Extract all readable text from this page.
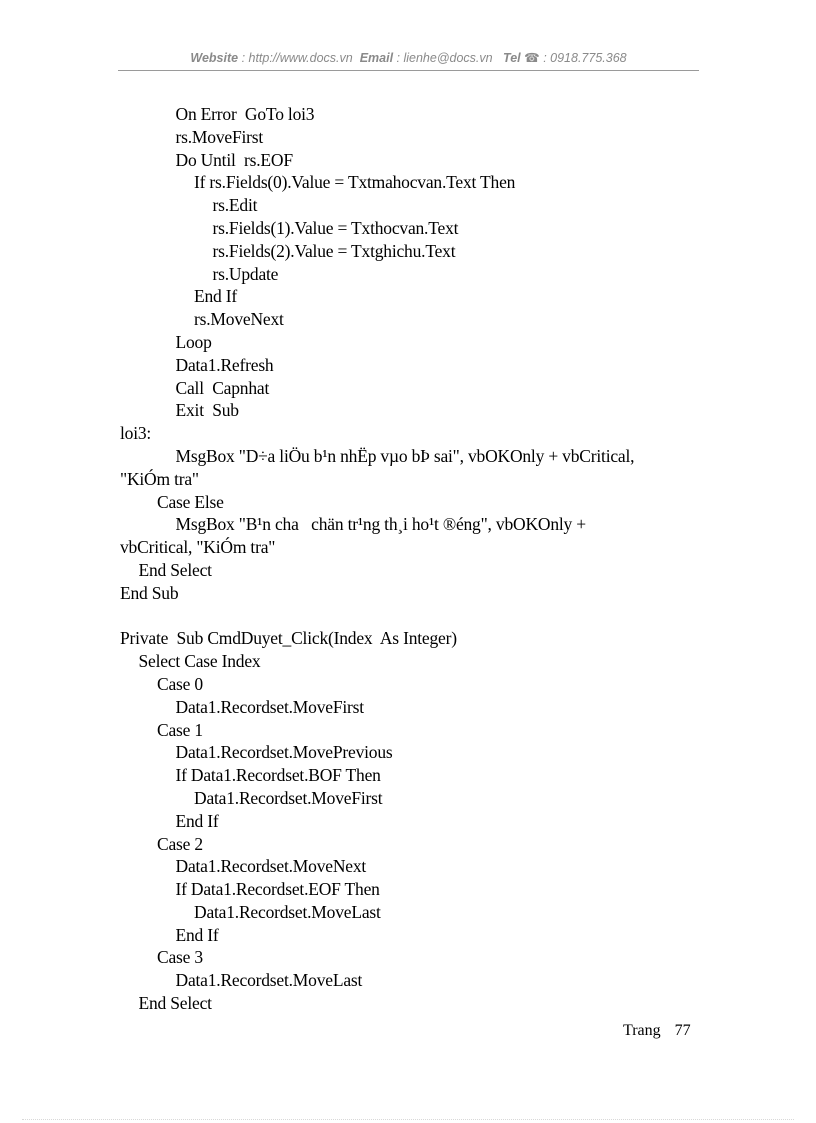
Website : http://www.docs.vn Email : lienhe@docs.vn Tel ☎ : 0918.775.368
On Error  GoTo loi3
rs.MoveFirst
Do Until  rs.EOF
If rs.Fields(0).Value = Txtmahocvan.Text Then
rs.Edit
rs.Fields(1).Value = Txthocvan.Text
rs.Fields(2).Value = Txtghichu.Text
rs.Update
End If
rs.MoveNext
Loop
Data1.Refresh
Call  Capnhat
Exit  Sub
loi3:
MsgBox "D÷a liÖu b¹n nhËp vµo bÞ sai", vbOKOnly + vbCritical,
"KiÓm tra"
Case Else
MsgBox "B¹n cha   chän tr¹ng th¸i ho¹t ®éng", vbOKOnly +
vbCritical, "KiÓm tra"
End Select
End Sub
Private  Sub CmdDuyet_Click(Index  As Integer)
Select Case Index
Case 0
Data1.Recordset.MoveFirst
Case 1
Data1.Recordset.MovePrevious
If Data1.Recordset.BOF Then
Data1.Recordset.MoveFirst
End If
Case 2
Data1.Recordset.MoveNext
If Data1.Recordset.EOF Then
Data1.Recordset.MoveLast
End If
Case 3
Data1.Recordset.MoveLast
End Select
Trang 77
